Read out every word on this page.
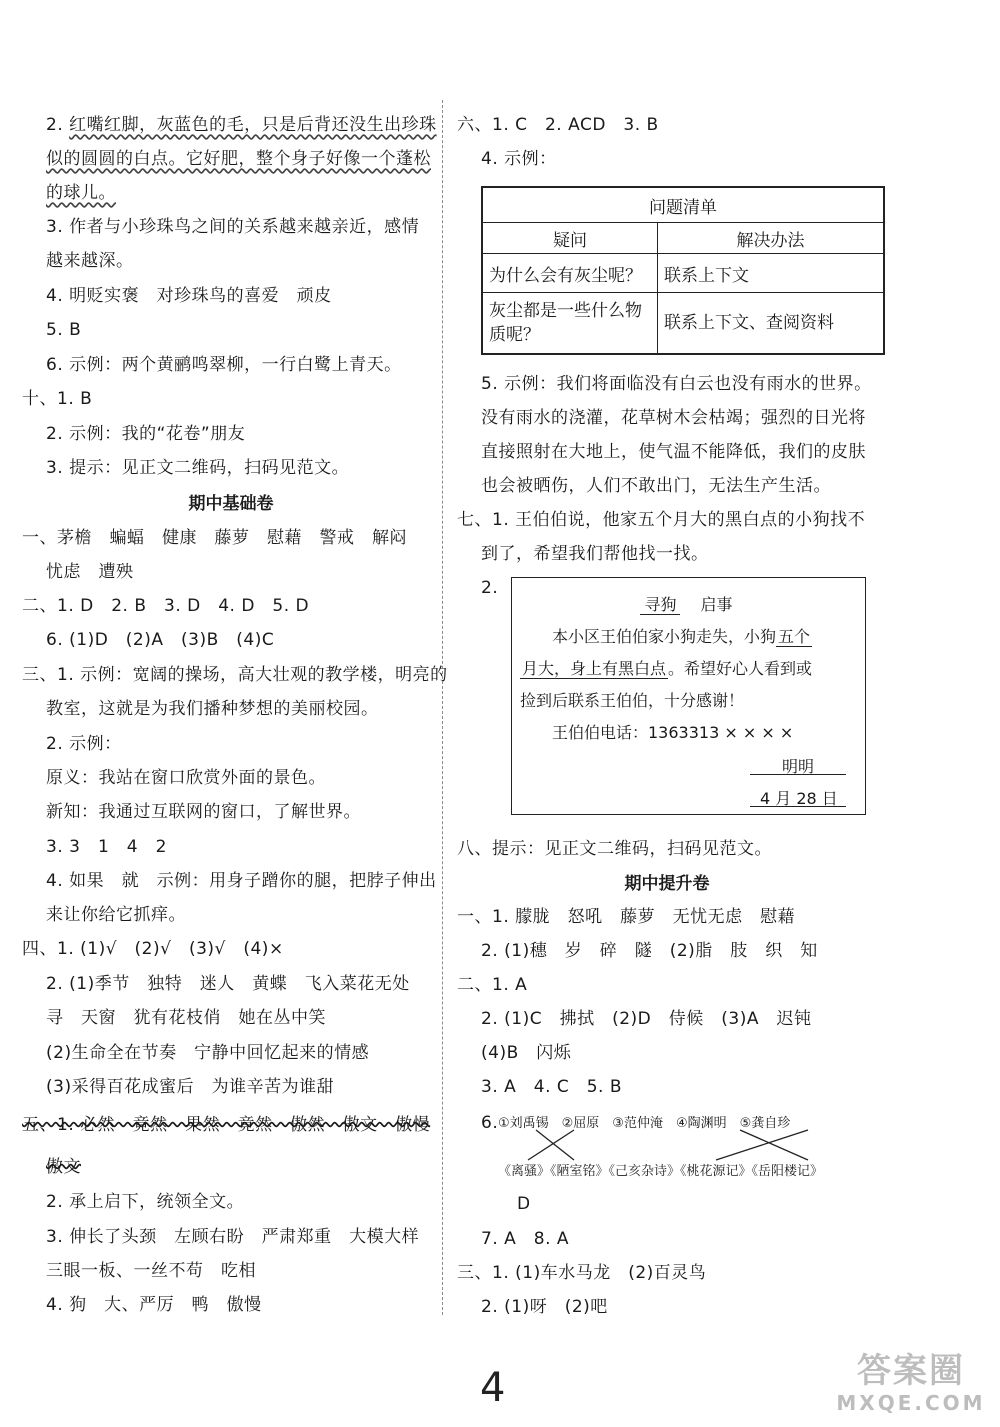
2. 红嘴红脚，灰蓝色的毛，只是后背还没生出珍珠
似的圆圆的白点。它好肥，整个身子好像一个蓬松
的球儿。
3. 作者与小珍珠鸟之间的关系越来越亲近，感情
越来越深。
4. 明贬实褒　对珍珠鸟的喜爱　顽皮
5. B
6. 示例：两个黄鹂鸣翠柳，一行白鹭上青天。
十、1. B
2. 示例：我的“花卷”朋友
3. 提示：见正文二维码，扫码见范文。
期中基础卷
一、茅檐　蝙蝠　健康　藤萝　慰藉　警戒　解闷
忧虑　遭殃
二、1. D　2. B　3. D　4. D　5. D
6. (1)D　(2)A　(3)B　(4)C
三、1. 示例：宽阔的操场，高大壮观的教学楼，明亮的
教室，这就是为我们播种梦想的美丽校园。
2. 示例：
原义：我站在窗口欣赏外面的景色。
新知：我通过互联网的窗口，了解世界。
3. 3　1　4　2
4. 如果　就　示例：用身子蹭你的腿，把脖子伸出
来让你给它抓痒。
四、1. (1)√　(2)√　(3)√　(4)×
2. (1)季节　独特　迷人　黄蝶　飞入菜花无处
寻　天窗　犹有花枝俏　她在丛中笑
(2)生命全在节奏　宁静中回忆起来的情感
(3)采得百花成蜜后　为谁辛苦为谁甜
五、1. 必然　竟然　果然　竟然　傲然　傲文　傲慢
傲文
2. 承上启下，统领全文。
3. 伸长了头颈　左顾右盼　严肃郑重　大模大样
三眼一板、一丝不苟　吃相
4. 狗　大、严厉　鸭　傲慢
六、1. C　2. ACD　3. B
4. 示例：
问题清单	
疑问	解决办法
为什么会有灰尘呢？	联系上下文
灰尘都是一些什么物质呢？	联系上下文、查阅资料
5. 示例：我们将面临没有白云也没有雨水的世界。
没有雨水的浇灌，花草树木会枯竭；强烈的日光将
直接照射在大地上，使气温不能降低，我们的皮肤
也会被晒伤，人们不敢出门，无法生产生活。
七、1. 王伯伯说，他家五个月大的黑白点的小狗找不
到了，希望我们帮他找一找。
2.
八、提示：见正文二维码，扫码见范文。
期中提升卷
一、1. 朦胧　怒吼　藤萝　无忧无虑　慰藉
2. (1)穗　岁　碎　隧　(2)脂　肢　织　知
二、1. A
2. (1)C　拂拭　(2)D　侍候　(3)A　迟钝
(4)B　闪烁
3. A　4. C　5. B
6.
D
7. A　8. A
三、1. (1)车水马龙　(2)百灵鸟
2. (1)呀　(2)吧
寻狗　 启事
本小区王伯伯家小狗走失，小狗 五个
月大，身上有黑白点 。希望好心人看到或
捡到后联系王伯伯，十分感谢！
王伯伯电话：1363313 × × × ×
明明
4 月 28 日
①刘禹锡　②屈原　③范仲淹　④陶渊明　⑤龚自珍
《离骚》《陋室铭》《己亥杂诗》《桃花源记》《岳阳楼记》
4	答案圈
MXQE.COM
